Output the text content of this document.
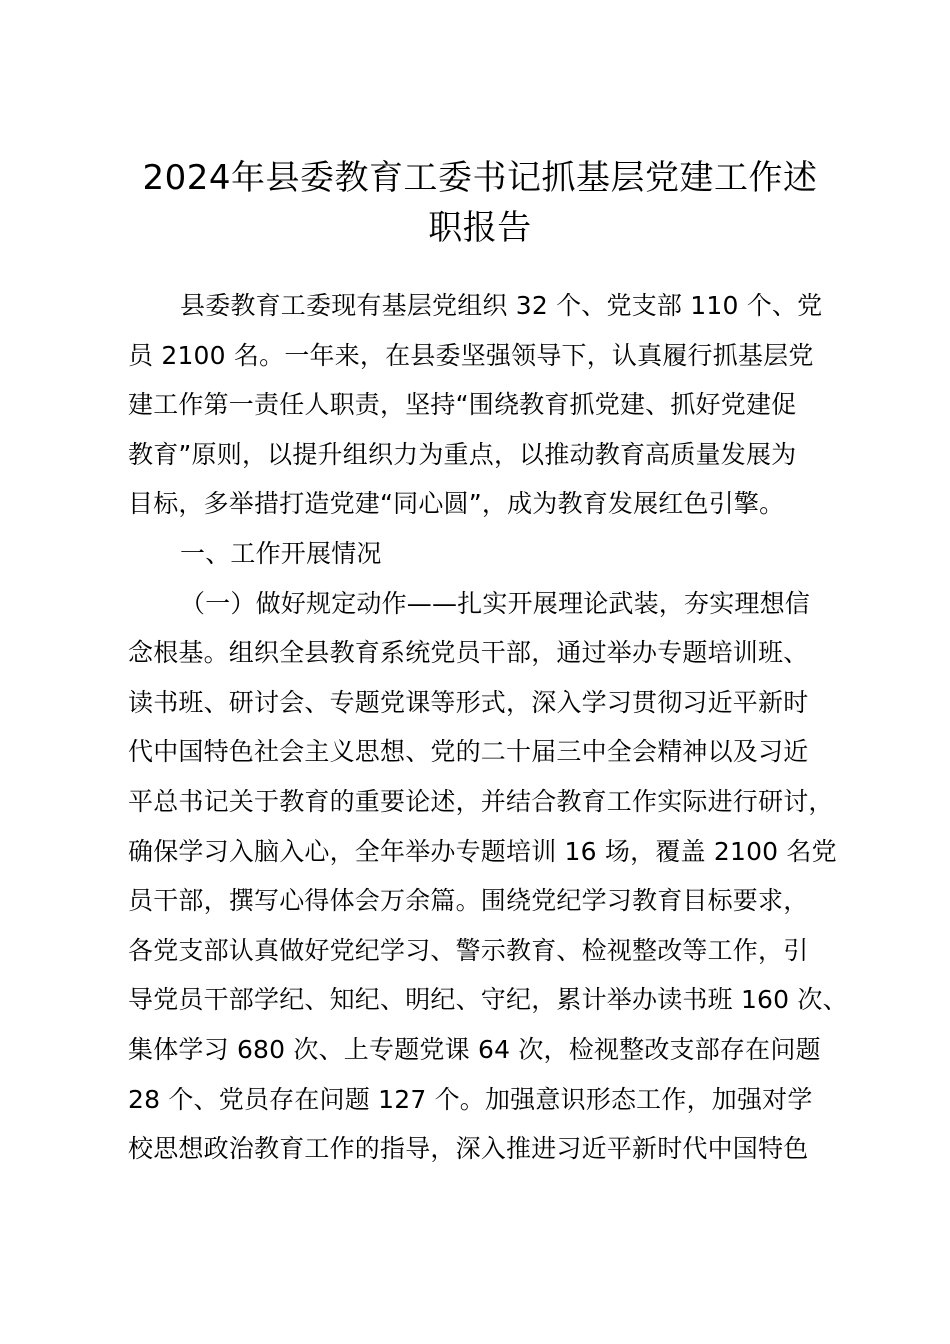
2024年县委教育工委书记抓基层党建工作述
职报告
县委教育工委现有基层党组织 32 个、党支部 110 个、党
员 2100 名。一年来，在县委坚强领导下，认真履行抓基层党
建工作第一责任人职责，坚持“围绕教育抓党建、抓好党建促
教育”原则，以提升组织力为重点，以推动教育高质量发展为
目标，多举措打造党建“同心圆”，成为教育发展红色引擎。
一、工作开展情况
（一）做好规定动作——扎实开展理论武装，夯实理想信
念根基。组织全县教育系统党员干部，通过举办专题培训班、
读书班、研讨会、专题党课等形式，深入学习贯彻习近平新时
代中国特色社会主义思想、党的二十届三中全会精神以及习近
平总书记关于教育的重要论述，并结合教育工作实际进行研讨，
确保学习入脑入心，全年举办专题培训 16 场，覆盖 2100 名党
员干部，撰写心得体会万余篇。围绕党纪学习教育目标要求，
各党支部认真做好党纪学习、警示教育、检视整改等工作，引
导党员干部学纪、知纪、明纪、守纪，累计举办读书班 160 次、
集体学习 680 次、上专题党课 64 次，检视整改支部存在问题
28 个、党员存在问题 127 个。加强意识形态工作，加强对学
校思想政治教育工作的指导，深入推进习近平新时代中国特色
